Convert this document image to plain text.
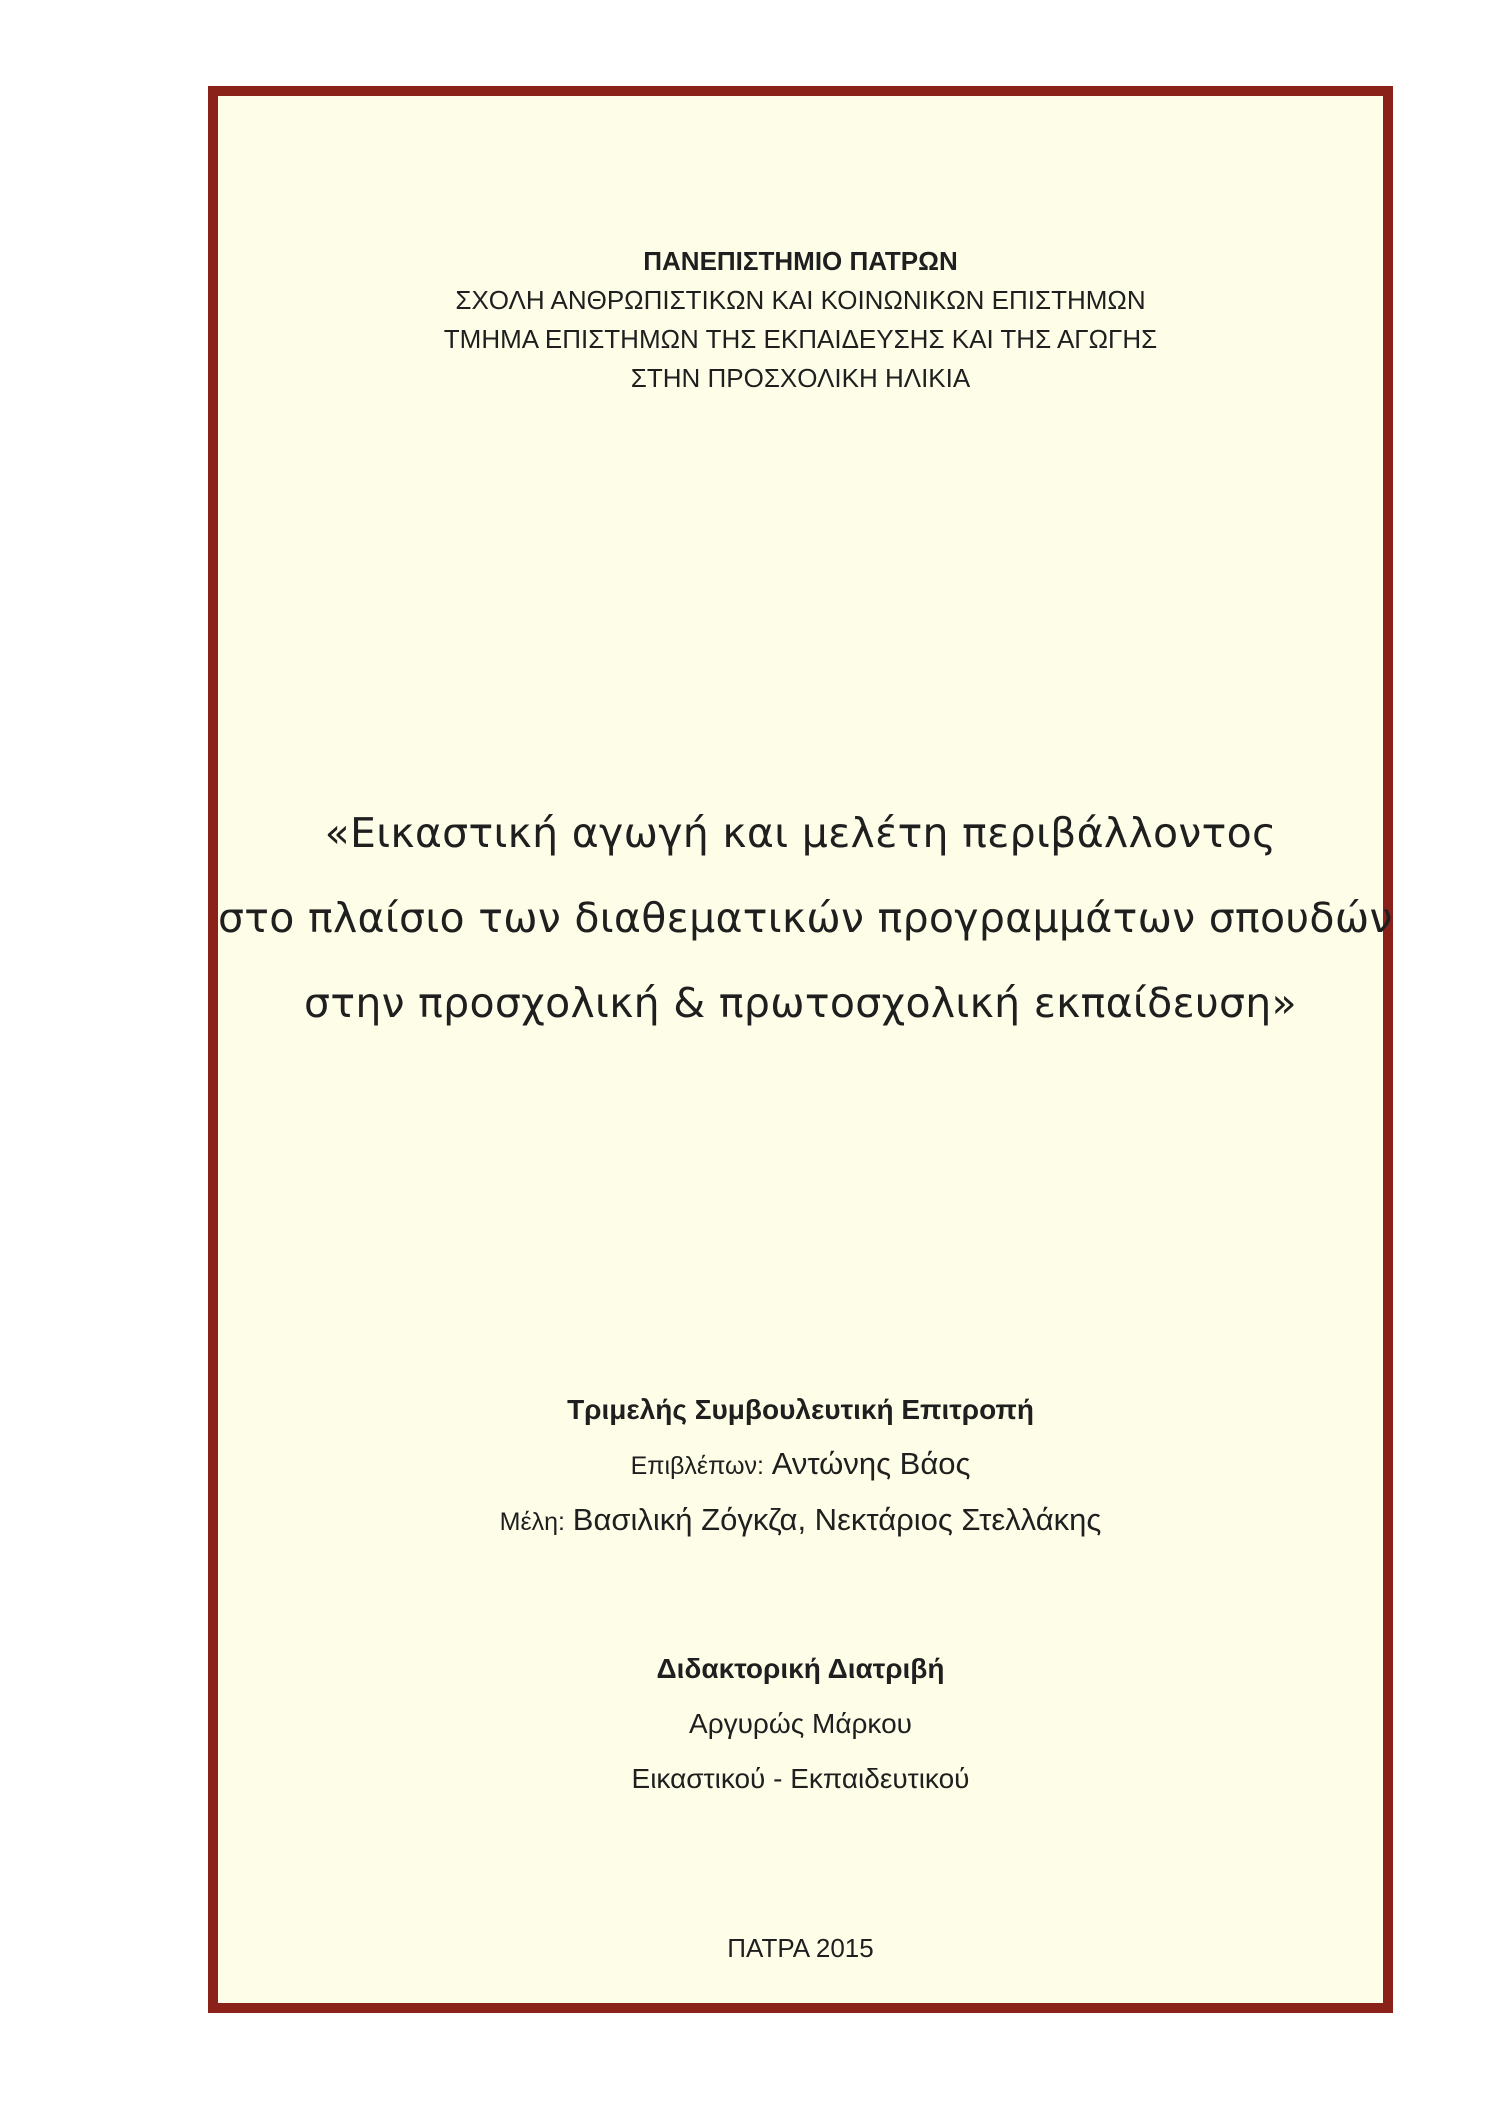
ΠΑΝΕΠΙΣΤΗΜΙΟ ΠΑΤΡΩΝ
ΣΧΟΛΗ ΑΝΘΡΩΠΙΣΤΙΚΩΝ ΚΑΙ ΚΟΙΝΩΝΙΚΩΝ ΕΠΙΣΤΗΜΩΝ
ΤΜΗΜΑ ΕΠΙΣΤΗΜΩΝ ΤΗΣ ΕΚΠΑΙΔΕΥΣΗΣ ΚΑΙ ΤΗΣ ΑΓΩΓΗΣ
ΣΤΗΝ ΠΡΟΣΧΟΛΙΚΗ ΗΛΙΚΙΑ
«Εικαστική αγωγή και μελέτη περιβάλλοντος
στο πλαίσιο των διαθεματικών προγραμμάτων σπουδών
στην προσχολική & πρωτοσχολική εκπαίδευση»
Τριμελής Συμβουλευτική Επιτροπή
Επιβλέπων: Αντώνης Βάος
Μέλη: Βασιλική Ζόγκζα, Νεκτάριος Στελλάκης
Διδακτορική Διατριβή
Αργυρώς Μάρκου
Εικαστικού - Εκπαιδευτικού
ΠΑΤΡΑ 2015
